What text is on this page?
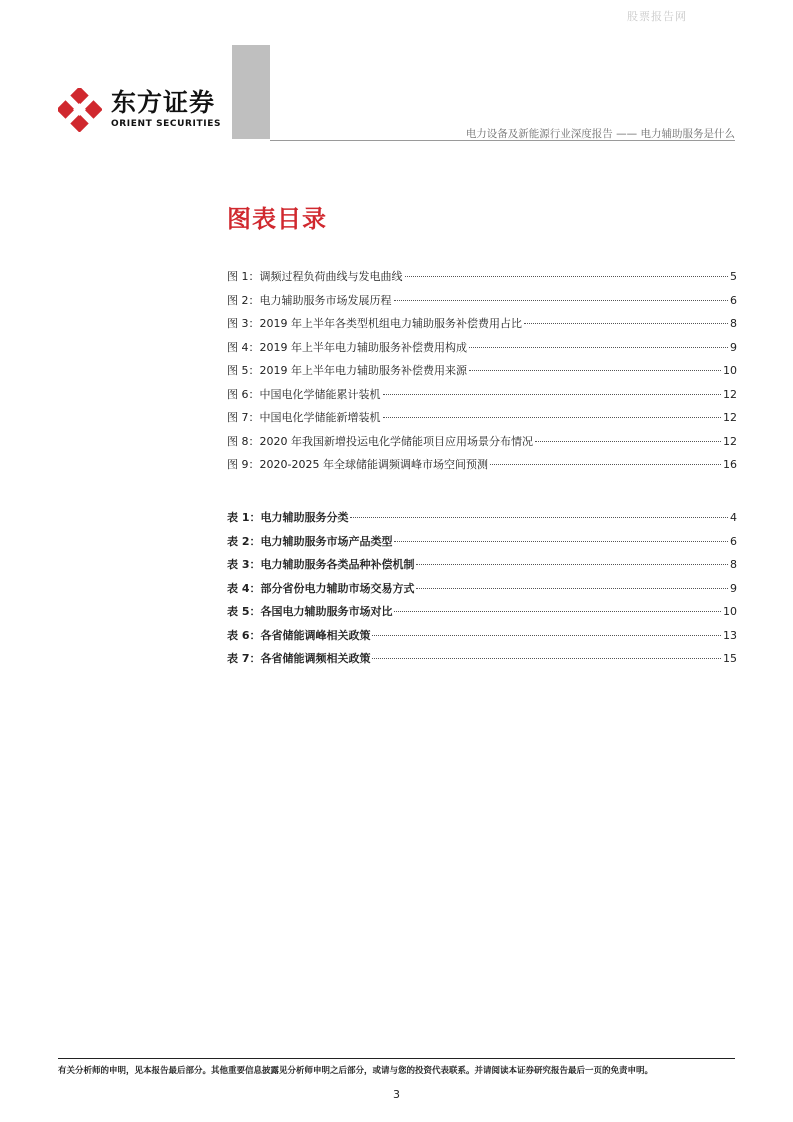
股票报告网
东方证券
ORIENT SECURITIES
电力设备及新能源行业深度报告 —— 电力辅助服务是什么
图表目录
图 1：调频过程负荷曲线与发电曲线	5
图 2：电力辅助服务市场发展历程	6
图 3：2019 年上半年各类型机组电力辅助服务补偿费用占比	8
图 4：2019 年上半年电力辅助服务补偿费用构成	9
图 5：2019 年上半年电力辅助服务补偿费用来源	10
图 6：中国电化学储能累计装机	12
图 7：中国电化学储能新增装机	12
图 8：2020 年我国新增投运电化学储能项目应用场景分布情况	12
图 9：2020-2025 年全球储能调频调峰市场空间预测	16
表 1：电力辅助服务分类	4
表 2：电力辅助服务市场产品类型	6
表 3：电力辅助服务各类品种补偿机制	8
表 4：部分省份电力辅助市场交易方式	9
表 5：各国电力辅助服务市场对比	10
表 6：各省储能调峰相关政策	13
表 7：各省储能调频相关政策	15
有关分析师的申明，见本报告最后部分。其他重要信息披露见分析师申明之后部分，或请与您的投资代表联系。并请阅读本证券研究报告最后一页的免责申明。
3
